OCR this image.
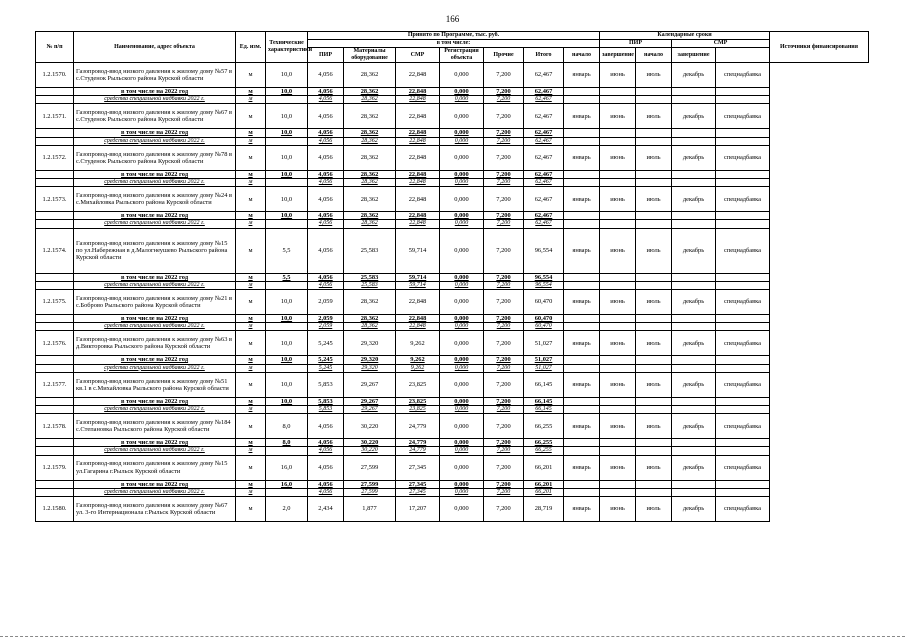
166
№ п/п	Наименование, адрес объекта	Ед. изм.	Технические характеристики	Принято по Программе, тыс. руб.							Календарные сроки				Источники финансирования
				в том числе:							ПИР		СМР		
				ПИР	Материалы оборудование	СМР	Регистрация объекта	Прочие	Итого	начало	завершение	начало	завершение		
1.2.1570.	Газопровод-ввод низкого давления к жилому дому №57 в с.Студенок Рыльского района Курской области	м	10,0	4,056	28,362	22,848	0,000	7,200	62,467	январь	июнь	июль	декабрь	спецнадбавка	
	в том числе на 2022 год	м	10,0	4,056	28,362	22,848	0,000	7,200	62,467						
	средства специальной надбавки 2022 г.	м		4,056	28,362	22,848	0,000	7,200	62,467						
1.2.1571.	Газопровод-ввод низкого давления к жилому дому №67 в с.Студенок Рыльского района Курской области	м	10,0	4,056	28,362	22,848	0,000	7,200	62,467	январь	июнь	июль	декабрь	спецнадбавка	
	в том числе на 2022 год	м	10,0	4,056	28,362	22,848	0,000	7,200	62,467						
	средства специальной надбавки 2022 г.	м		4,056	28,362	22,848	0,000	7,200	62,467						
1.2.1572.	Газопровод-ввод низкого давления к жилому дому №78 в с.Студенок Рыльского района Курской области	м	10,0	4,056	28,362	22,848	0,000	7,200	62,467	январь	июнь	июль	декабрь	спецнадбавка	
	в том числе на 2022 год	м	10,0	4,056	28,362	22,848	0,000	7,200	62,467						
	средства специальной надбавки 2022 г.	м		4,056	28,362	22,848	0,000	7,200	62,467						
1.2.1573.	Газопровод-ввод низкого давления к жилому дому №24 в с.Михайловка Рыльского района Курской области	м	10,0	4,056	28,362	22,848	0,000	7,200	62,467	январь	июнь	июль	декабрь	спецнадбавка	
	в том числе на 2022 год	м	10,0	4,056	28,362	22,848	0,000	7,200	62,467						
	средства специальной надбавки 2022 г.	м		4,056	28,362	22,848	0,000	7,200	62,467						
1.2.1574.	Газопровод-ввод низкого давления к жилому дому №15 по ул.Набережная в д.Малогнеушево Рыльского района Курской области	м	5,5	4,056	25,583	59,714	0,000	7,200	96,554	январь	июнь	июль	декабрь	спецнадбавка	
	в том числе на 2022 год	м	5,5	4,056	25,583	59,714	0,000	7,200	96,554						
	средства специальной надбавки 2022 г.	м		4,056	25,583	59,714	0,000	7,200	96,554						
1.2.1575.	Газопровод-ввод низкого давления к жилому дому №21 в с.Боброво Рыльского района Курской области	м	10,0	2,059	28,362	22,848	0,000	7,200	60,470	январь	июнь	июль	декабрь	спецнадбавка	
	в том числе на 2022 год	м	10,0	2,059	28,362	22,848	0,000	7,200	60,470						
	средства специальной надбавки 2022 г.	м		2,059	28,362	22,848	0,000	7,200	60,470						
1.2.1576.	Газопровод-ввод низкого давления к жилому дому №63 в д.Викторовка Рыльского района Курской области	м	10,0	5,245	29,320	9,262	0,000	7,200	51,027	январь	июнь	июль	декабрь	спецнадбавка	
	в том числе на 2022 год	м	10,0	5,245	29,320	9,262	0,000	7,200	51,027						
	средства специальной надбавки 2022 г.	м		5,245	29,320	9,262	0,000	7,200	51,027						
1.2.1577.	Газопровод-ввод низкого давления к жилому дому №51 кв.1 в с.Михайловка Рыльского района Курской области	м	10,0	5,853	29,267	23,825	0,000	7,200	66,145	январь	июнь	июль	декабрь	спецнадбавка	
	в том числе на 2022 год	м	10,0	5,853	29,267	23,825	0,000	7,200	66,145						
	средства специальной надбавки 2022 г.	м		5,853	29,267	23,825	0,000	7,200	66,145						
1.2.1578.	Газопровод-ввод низкого давления к жилому дому №184 с.Степановка Рыльского района Курской области	м	8,0	4,056	30,220	24,779	0,000	7,200	66,255	январь	июнь	июль	декабрь	спецнадбавка	
	в том числе на 2022 год	м	8,0	4,056	30,220	24,779	0,000	7,200	66,255						
	средства специальной надбавки 2022 г.	м		4,056	30,220	24,779	0,000	7,200	66,255						
1.2.1579.	Газопровод-ввод низкого давления к жилому дому №15 ул.Гагарина г.Рыльск Курской области	м	16,0	4,056	27,599	27,345	0,000	7,200	66,201	январь	июнь	июль	декабрь	спецнадбавка	
	в том числе на 2022 год	м	16,0	4,056	27,599	27,345	0,000	7,200	66,201						
	средства специальной надбавки 2022 г.	м		4,056	27,599	27,345	0,000	7,200	66,201						
1.2.1580.	Газопровод-ввод низкого давления к жилому дому №67 ул. 3-го Интернационала г.Рыльск Курской области	м	2,0	2,434	1,877	17,207	0,000	7,200	28,719	январь	июнь	июль	декабрь	спецнадбавка	
